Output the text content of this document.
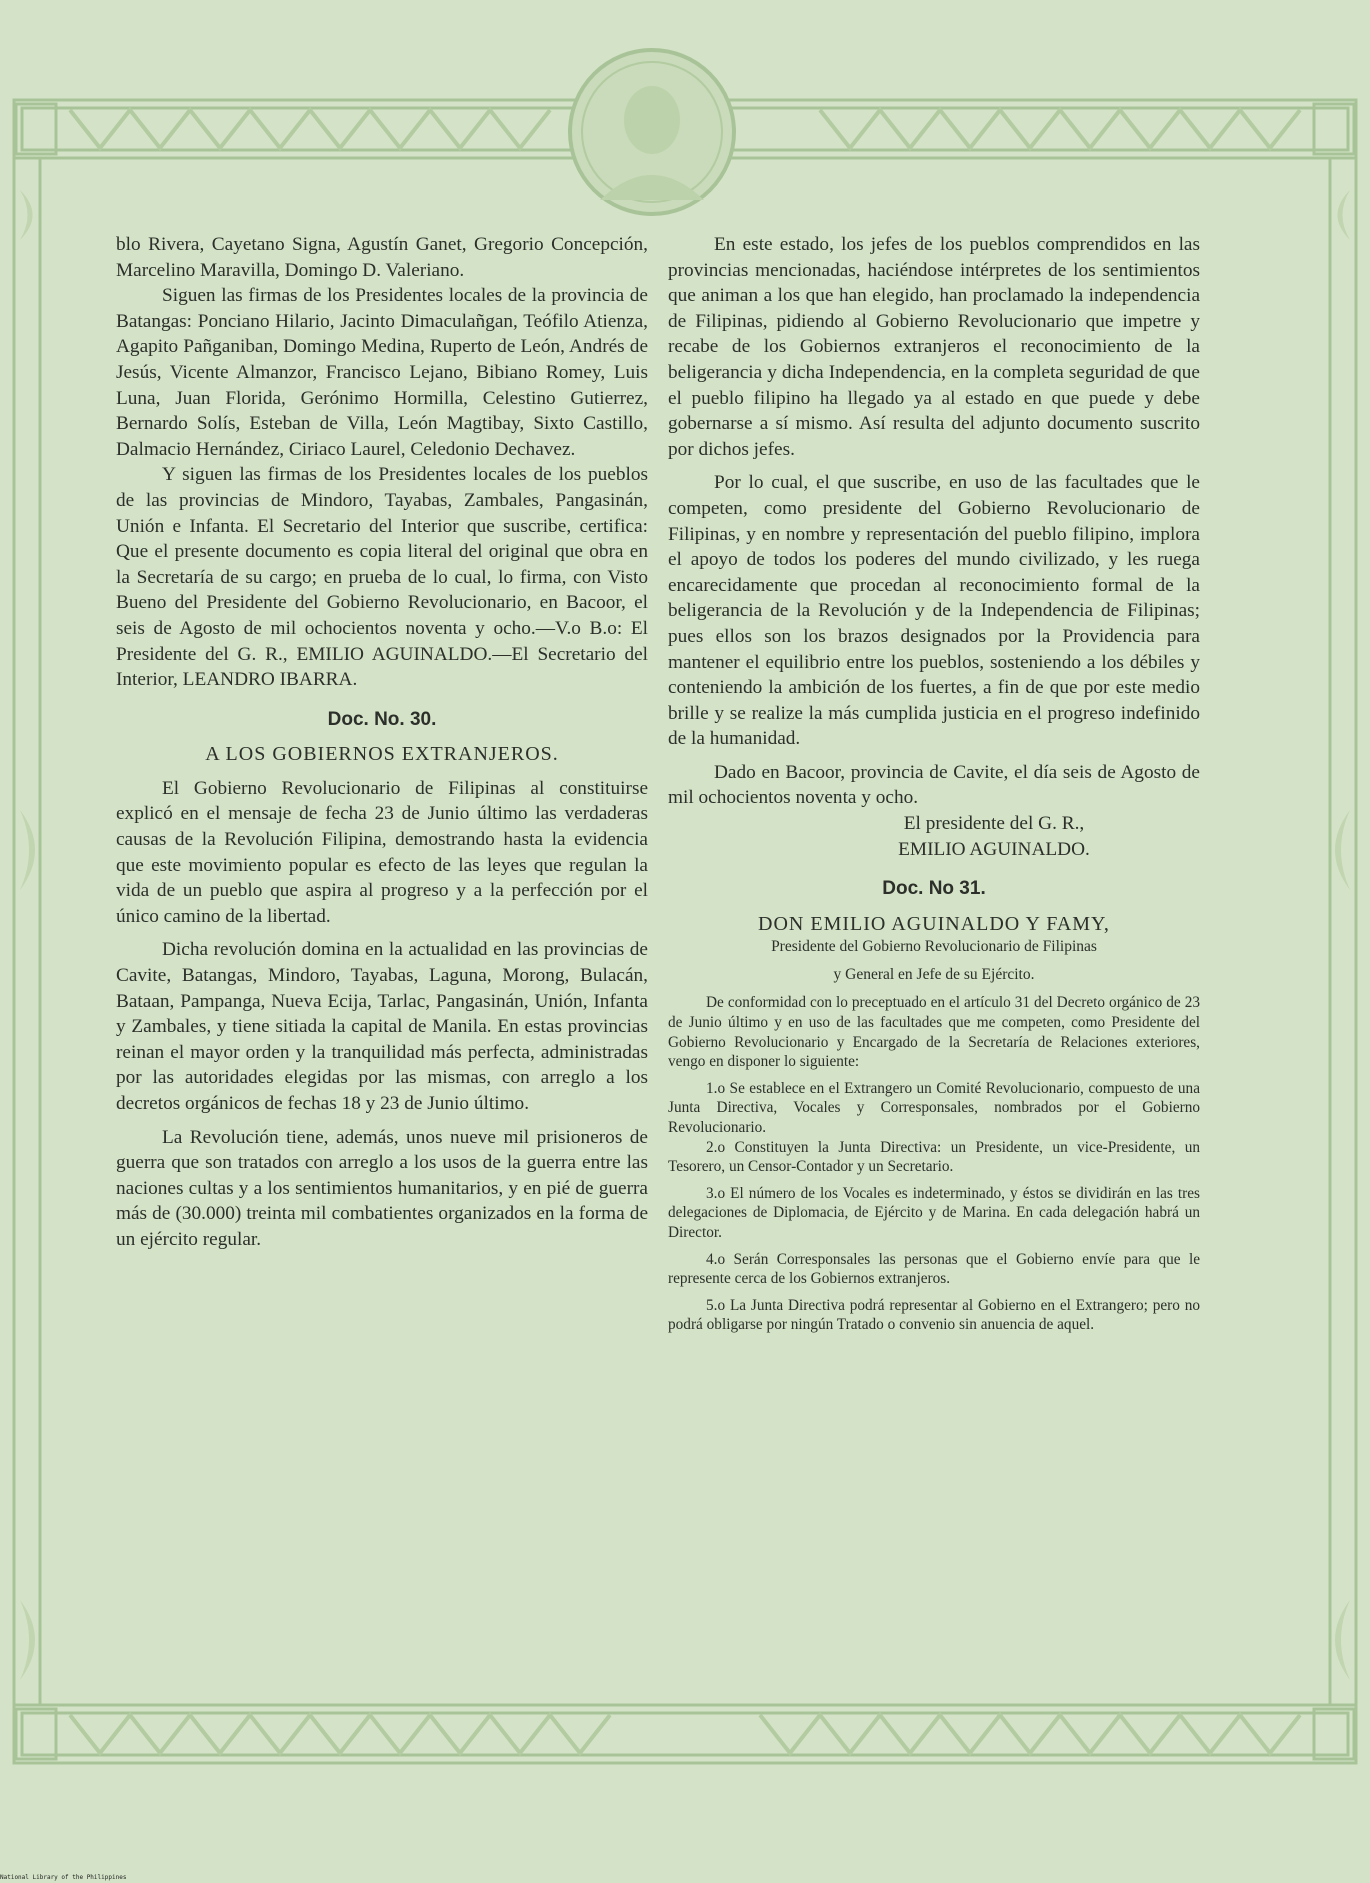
blo Rivera, Cayetano Signa, Agustín Ganet, Gregorio Concepción, Marcelino Maravilla, Domingo D. Valeriano.

Siguen las firmas de los Presidentes locales de la provincia de Batangas: Ponciano Hilario, Jacinto Dimaculañgan, Teófilo Atienza, Agapito Pañganiban, Domingo Medina, Ruperto de León, Andrés de Jesús, Vicente Almanzor, Francisco Lejano, Bibiano Romey, Luis Luna, Juan Florida, Gerónimo Hormilla, Celestino Gutierrez, Bernardo Solís, Esteban de Villa, León Magtibay, Sixto Castillo, Dalmacio Hernández, Ciriaco Laurel, Celedonio Dechavez.

Y siguen las firmas de los Presidentes locales de los pueblos de las provincias de Mindoro, Tayabas, Zambales, Pangasinán, Unión e Infanta. El Secretario del Interior que suscribe, certifica: Que el presente documento es copia literal del original que obra en la Secretaría de su cargo; en prueba de lo cual, lo firma, con Visto Bueno del Presidente del Gobierno Revolucionario, en Bacoor, el seis de Agosto de mil ochocientos noventa y ocho.—V.o B.o: El Presidente del G. R., EMILIO AGUINALDO.—El Secretario del Interior, LEANDRO IBARRA.

Doc. No. 30.

A LOS GOBIERNOS EXTRANJEROS.

El Gobierno Revolucionario de Filipinas al constituirse explicó en el mensaje de fecha 23 de Junio último las verdaderas causas de la Revolución Filipina, demostrando hasta la evidencia que este movimiento popular es efecto de las leyes que regulan la vida de un pueblo que aspira al progreso y a la perfección por el único camino de la libertad.

Dicha revolución domina en la actualidad en las provincias de Cavite, Batangas, Mindoro, Tayabas, Laguna, Morong, Bulacán, Bataan, Pampanga, Nueva Ecija, Tarlac, Pangasinán, Unión, Infanta y Zambales, y tiene sitiada la capital de Manila. En estas provincias reinan el mayor orden y la tranquilidad más perfecta, administradas por las autoridades elegidas por las mismas, con arreglo a los decretos orgánicos de fechas 18 y 23 de Junio último.

La Revolución tiene, además, unos nueve mil prisioneros de guerra que son tratados con arreglo a los usos de la guerra entre las naciones cultas y a los sentimientos humanitarios, y en pié de guerra más de (30.000) treinta mil combatientes organizados en la forma de un ejército regular.

En este estado, los jefes de los pueblos comprendidos en las provincias mencionadas, haciéndose intérpretes de los sentimientos que animan a los que han elegido, han proclamado la independencia de Filipinas, pidiendo al Gobierno Revolucionario que impetre y recabe de los Gobiernos extranjeros el reconocimiento de la beligerancia y dicha Independencia, en la completa seguridad de que el pueblo filipino ha llegado ya al estado en que puede y debe gobernarse a sí mismo. Así resulta del adjunto documento suscrito por dichos jefes.

Por lo cual, el que suscribe, en uso de las facultades que le competen, como presidente del Gobierno Revolucionario de Filipinas, y en nombre y representación del pueblo filipino, implora el apoyo de todos los poderes del mundo civilizado, y les ruega encarecidamente que procedan al reconocimiento formal de la beligerancia de la Revolución y de la Independencia de Filipinas; pues ellos son los brazos designados por la Providencia para mantener el equilibrio entre los pueblos, sosteniendo a los débiles y conteniendo la ambición de los fuertes, a fin de que por este medio brille y se realize la más cumplida justicia en el progreso indefinido de la humanidad.

Dado en Bacoor, provincia de Cavite, el día seis de Agosto de mil ochocientos noventa y ocho.

El presidente del G. R.,

EMILIO AGUINALDO.

Doc. No 31.

DON EMILIO AGUINALDO Y FAMY,

Presidente del Gobierno Revolucionario de Filipinas

y General en Jefe de su Ejército.

De conformidad con lo preceptuado en el artículo 31 del Decreto orgánico de 23 de Junio último y en uso de las facultades que me competen, como Presidente del Gobierno Revolucionario y Encargado de la Secretaría de Relaciones exteriores, vengo en disponer lo siguiente:

1.o Se establece en el Extrangero un Comité Revolucionario, compuesto de una Junta Directiva, Vocales y Corresponsales, nombrados por el Gobierno Revolucionario.

2.o Constituyen la Junta Directiva: un Presidente, un vice-Presidente, un Tesorero, un Censor-Contador y un Secretario.

3.o El número de los Vocales es indeterminado, y éstos se dividirán en las tres delegaciones de Diplomacia, de Ejército y de Marina. En cada delegación habrá un Director.

4.o Serán Corresponsales las personas que el Gobierno envíe para que le represente cerca de los Gobiernos extranjeros.

5.o La Junta Directiva podrá representar al Gobierno en el Extrangero; pero no podrá obligarse por ningún Tratado o convenio sin anuencia de aquel.

National Library of the Philippines
